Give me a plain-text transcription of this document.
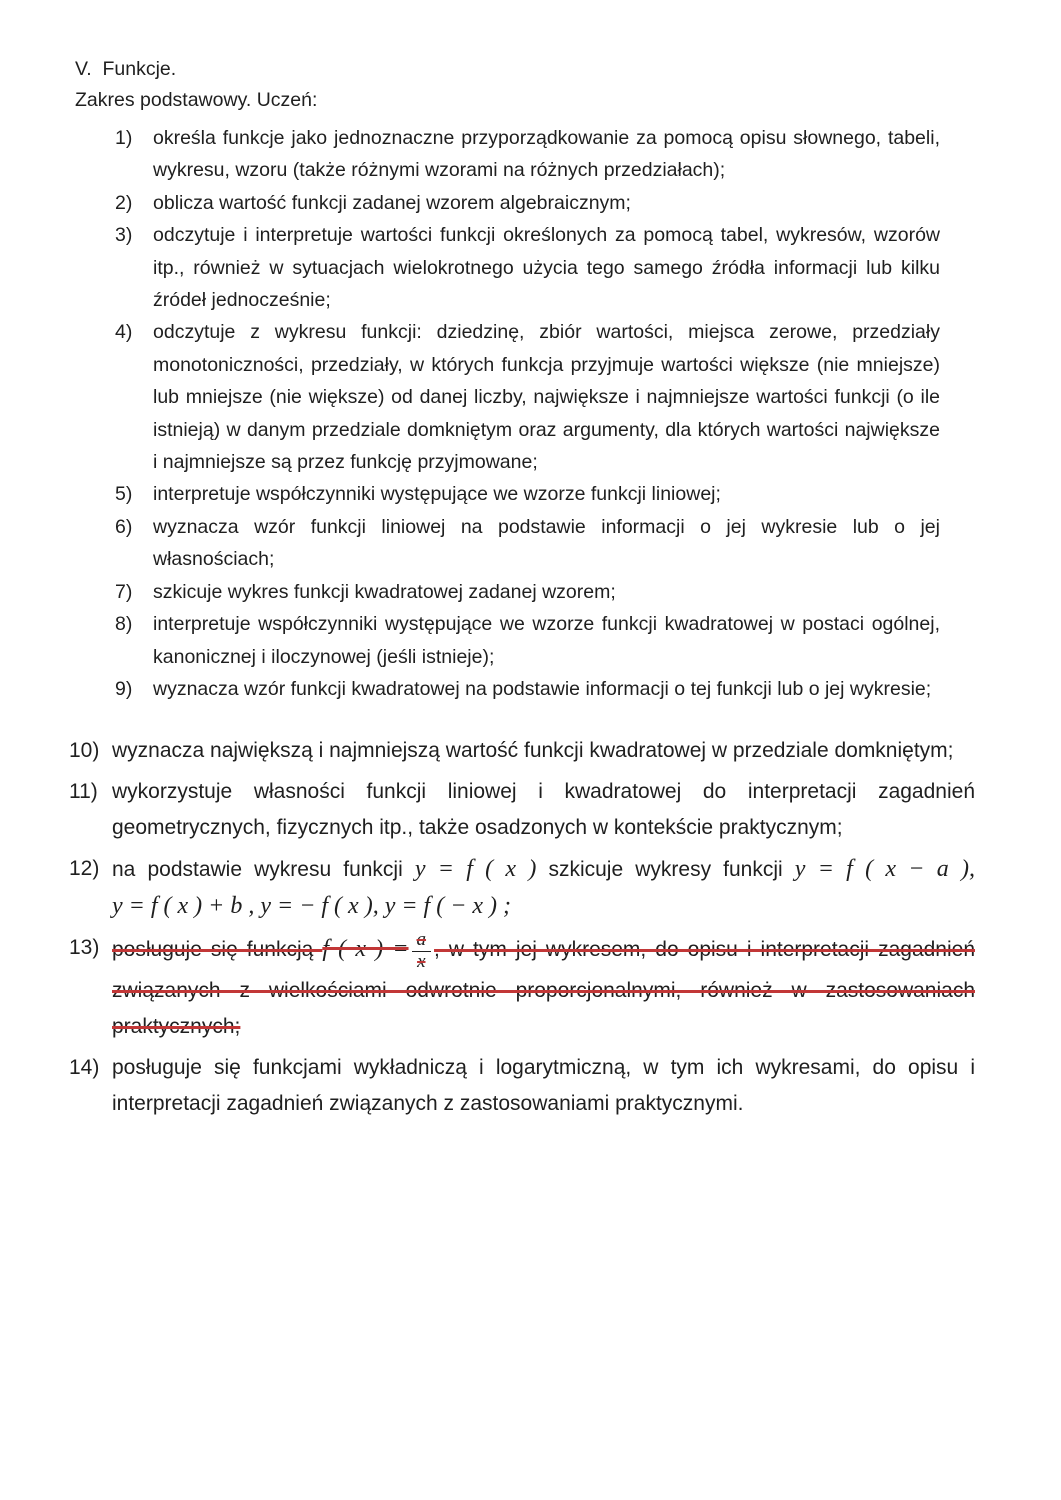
V.  Funkcje.
Zakres podstawowy. Uczeń:
1) określa funkcje jako jednoznaczne przyporządkowanie za pomocą opisu słownego, tabeli, wykresu, wzoru (także różnymi wzorami na różnych przedziałach);
2) oblicza wartość funkcji zadanej wzorem algebraicznym;
3) odczytuje i interpretuje wartości funkcji określonych za pomocą tabel, wykresów, wzorów itp., również w sytuacjach wielokrotnego użycia tego samego źródła informacji lub kilku źródeł jednocześnie;
4) odczytuje z wykresu funkcji: dziedzinę, zbiór wartości, miejsca zerowe, przedziały monotoniczności, przedziały, w których funkcja przyjmuje wartości większe (nie mniejsze) lub mniejsze (nie większe) od danej liczby, największe i najmniejsze wartości funkcji (o ile istnieją) w danym przedziale domkniętym oraz argumenty, dla których wartości największe i najmniejsze są przez funkcję przyjmowane;
5) interpretuje współczynniki występujące we wzorze funkcji liniowej;
6) wyznacza wzór funkcji liniowej na podstawie informacji o jej wykresie lub o jej własnościach;
7) szkicuje wykres funkcji kwadratowej zadanej wzorem;
8) interpretuje współczynniki występujące we wzorze funkcji kwadratowej w postaci ogólnej, kanonicznej i iloczynowej (jeśli istnieje);
9) wyznacza wzór funkcji kwadratowej na podstawie informacji o tej funkcji lub o jej wykresie;
10) wyznacza największą i najmniejszą wartość funkcji kwadratowej w przedziale domkniętym;
11) wykorzystuje własności funkcji liniowej i kwadratowej do interpretacji zagadnień geometrycznych, fizycznych itp., także osadzonych w kontekście praktycznym;
12) na podstawie wykresu funkcji y = f ( x ) szkicuje wykresy funkcji y = f ( x − a ), y = f ( x ) + b , y = − f ( x ), y = f ( − x ) ;
13) posługuje się funkcją f ( x ) = $\frac{a}{x}$ , w tym jej wykresem, do opisu i interpretacji zagadnień związanych z wielkościami odwrotnie proporcjonalnymi, również w zastosowaniach praktycznych;
14) posługuje się funkcjami wykładniczą i logarytmiczną, w tym ich wykresami, do opisu i interpretacji zagadnień związanych z zastosowaniami praktycznymi.
